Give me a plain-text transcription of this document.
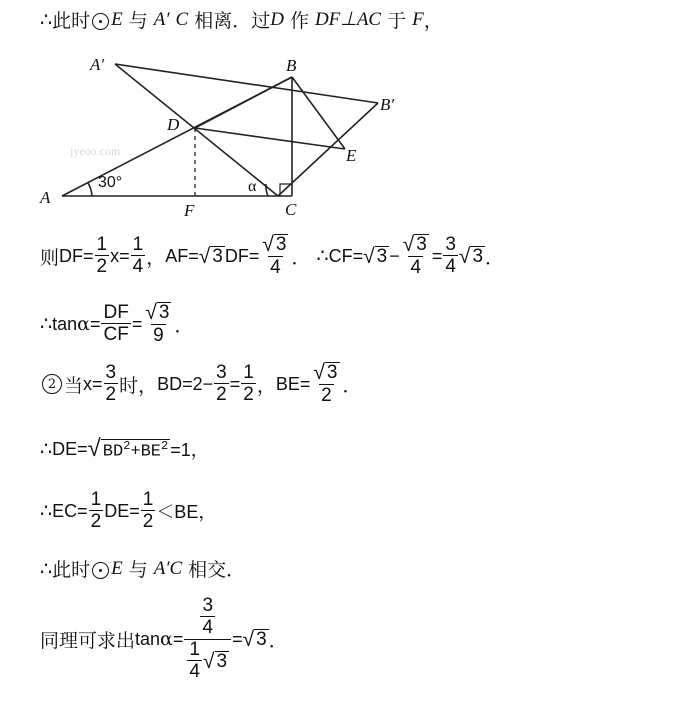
∴ 此时 E 与 A′ C 相离．过 D 作 DF⊥AC 于 F ，
jyeoo.com
A
A′	B
B′
C
D
E
F
30°	α
则 $DF= \frac{1}{2} x= \frac{1}{4}$ ， AF= √ 3 $DF= \frac{√ 3}{4}$ ． ∴ CF= √ $3 - \frac{√ 3}{4} = \frac{3}{4}$ √ 3 ．
∴ $\tan \alpha = \frac{DF}{CF} = \frac{√ 3}{9}$ ．
2 当 $x= \frac{3}{2}$ 时， $BD=2- \frac{3}{2} = \frac{1}{2}$ ， $BE= \frac{√ 3}{2}$ ．
∴ DE= √ $BD^2+BE^2 =1$，
∴ $EC= \frac{1}{2} DE= \frac{1}{2} <BE$，
∴ 此时 E 与 A′C 相交．
同理可求出 $\tan \alpha = \frac{\frac{3}{4}}{\frac{1}{4} √ 3}$ = √ 3 ．
